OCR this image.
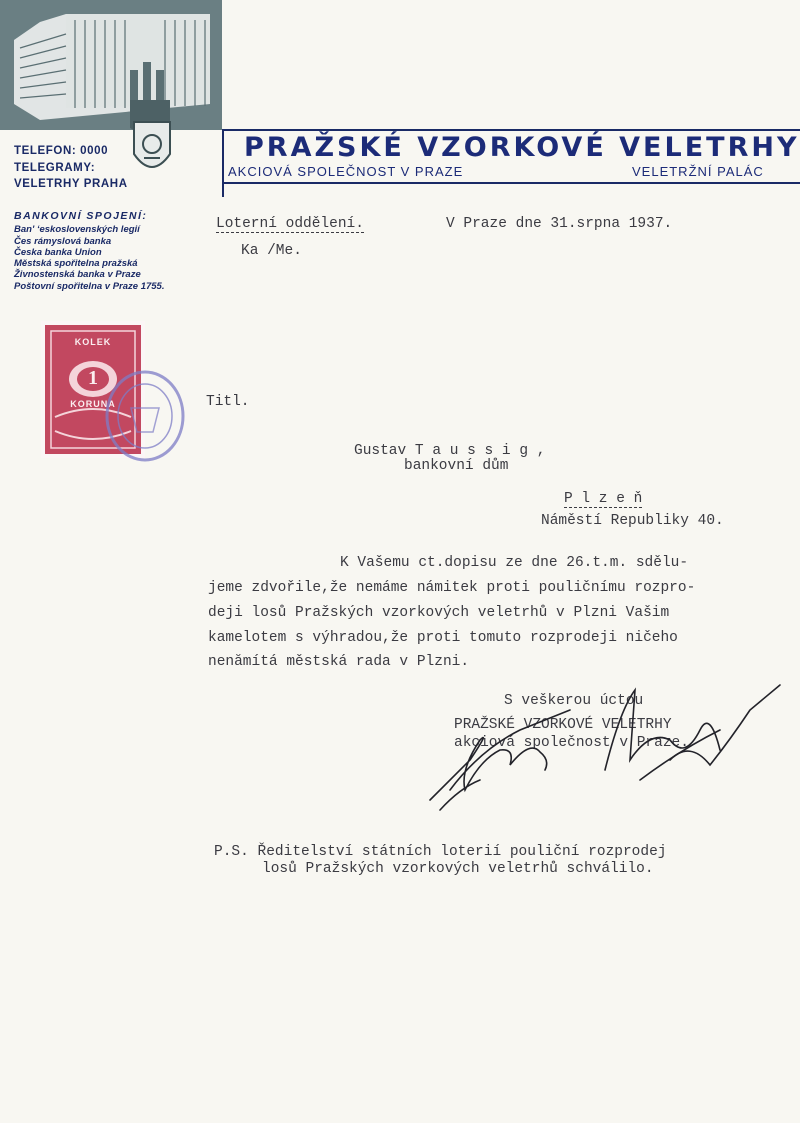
TELEFON: 0000
TELEGRAMY:
VELETRHY PRAHA
PRAŽSKÉ VZORKOVÉ VELETRHY
AKCIOVÁ SPOLEČNOST V PRAZE	VELETRŽNÍ PALÁC
BANKOVNÍ SPOJENÍ:
Ban' ‘eskoslovenských legií
Čes rámyslová banka
Česka banka Union
Městská spořitelna pražská
Živnostenská banka v Praze
Poštovní spořitelna v Praze 1755.
KOLEK
1
KORUNA
Loterní oddělení.	V Praze dne 31.srpna 1937.
Ka /Me.
Titl.
Gustav T a u s s i g ,
bankovní dům
P l z e ň
Náměstí Republiky 40.
K Vašemu ct.dopisu ze dne 26.t.m. sdělu-
jeme zdvořile,že nemáme námitek proti pouličnímu rozpro-
deji losů Pražských vzorkových veletrhů v Plzni Vašim
kamelotem s výhradou,že proti tomuto rozprodeji ničeho
nenămítá městská rada v Plzni.
S veškerou úctou
PRAŽSKÉ VZORKOVÉ VELETRHY
akciová společnost v Praze.
P.S. Ředitelství státních loterií pouliční rozprodej
losů Pražských vzorkových veletrhů schválilo.
